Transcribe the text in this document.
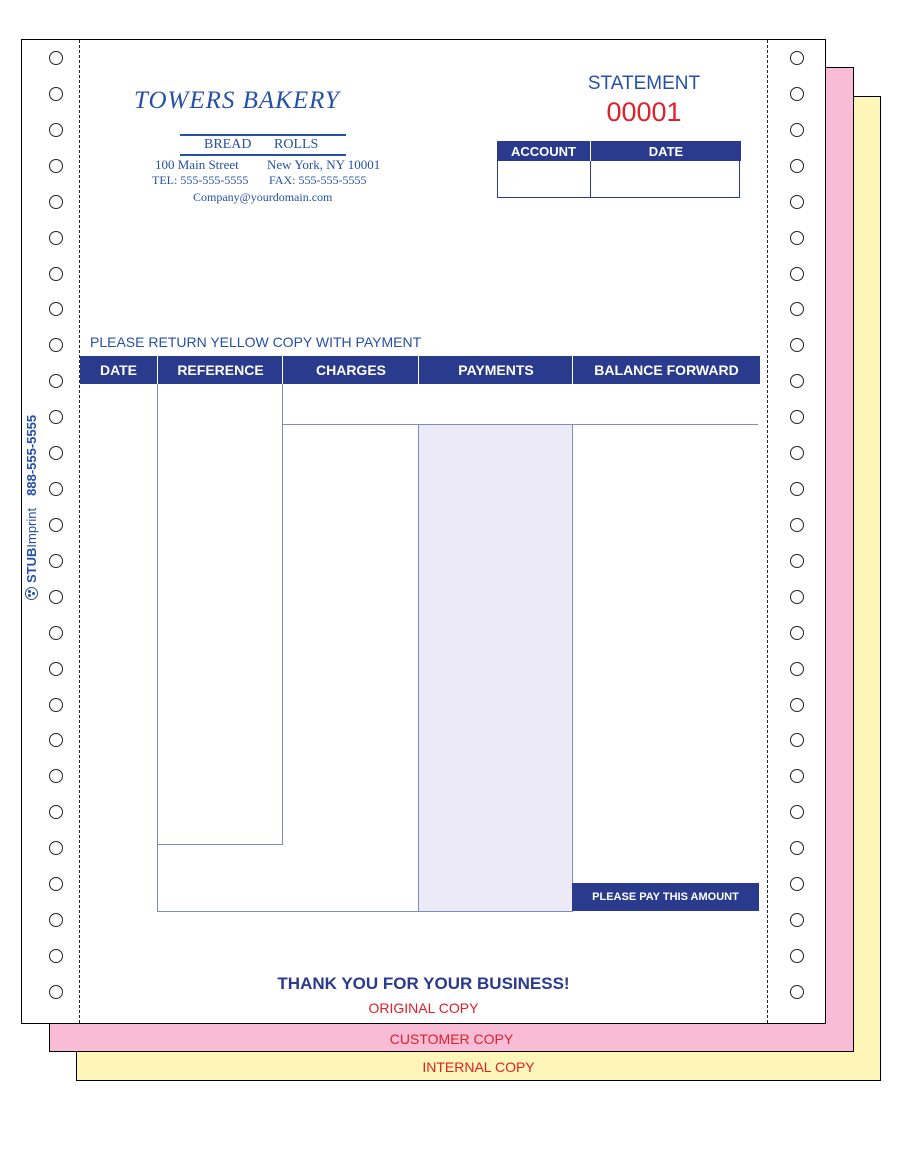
INTERNAL COPY
CUSTOMER COPY
TOWERS BAKERY
BREAD ROLLS
100 Main Street New York, NY 10001
TEL: 555-555-5555 FAX: 555-555-5555
Company@yourdomain.com
STATEMENT
00001
ACCOUNT	DATE
PLEASE RETURN YELLOW COPY WITH PAYMENT
DATE	REFERENCE	CHARGES	PAYMENTS	BALANCE FORWARD
PLEASE PAY THIS AMOUNT
THANK YOU FOR YOUR BUSINESS!
ORIGINAL COPY
STUB
Imprint
888-555-5555
